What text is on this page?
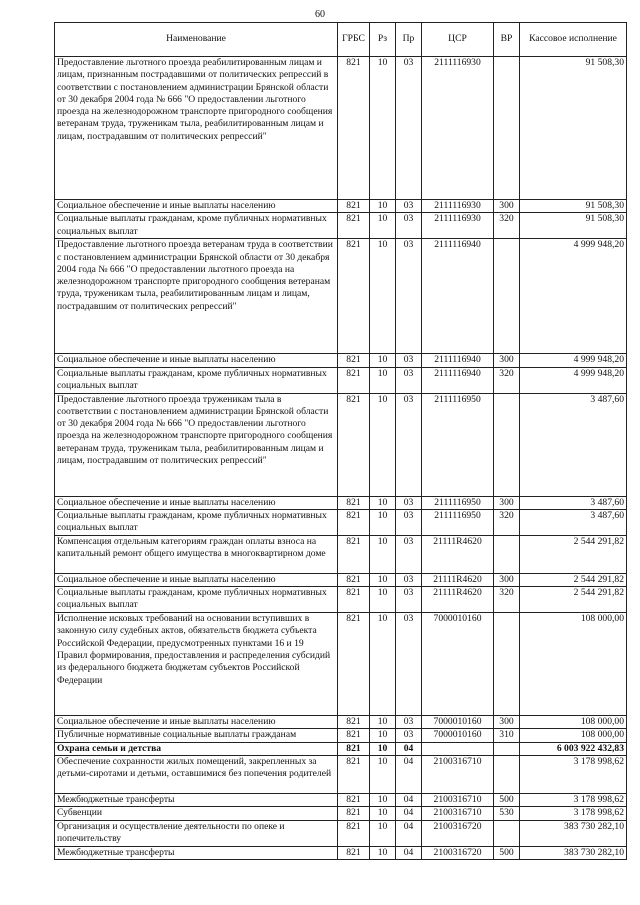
60
Наименование	ГРБС	Рз	Пр	ЦСР	ВР	Кассовое исполнение
Предоставление льготного проезда реабилитированным лицам и лицам, признанным пострадавшими от политических репрессий в соответствии с постановлением администрации Брянской области от 30 декабря 2004 года № 666 "О предоставлении льготного проезда на железнодорожном транспорте пригородного сообщения ветеранам труда, труженикам тыла, реабилитированным лицам и лицам, пострадавшим от политических репрессий"	821	10	03	2111116930		91 508,30
Социальное обеспечение и иные выплаты населению	821	10	03	2111116930	300	91 508,30
Социальные выплаты гражданам, кроме публичных нормативных социальных выплат	821	10	03	2111116930	320	91 508,30
Предоставление льготного проезда ветеранам труда в соответствии с постановлением администрации Брянской области от 30 декабря 2004 года № 666 "О предоставлении льготного проезда на железнодорожном транспорте пригородного сообщения ветеранам труда, труженикам тыла, реабилитированным лицам и лицам, пострадавшим от политических репрессий"	821	10	03	2111116940		4 999 948,20
Социальное обеспечение и иные выплаты населению	821	10	03	2111116940	300	4 999 948,20
Социальные выплаты гражданам, кроме публичных нормативных социальных выплат	821	10	03	2111116940	320	4 999 948,20
Предоставление льготного проезда труженикам тыла в соответствии с постановлением администрации Брянской области от 30 декабря 2004 года № 666 "О предоставлении льготного проезда на железнодорожном транспорте пригородного сообщения ветеранам труда, труженикам тыла, реабилитированным лицам и лицам, пострадавшим от политических репрессий"	821	10	03	2111116950		3 487,60
Социальное обеспечение и иные выплаты населению	821	10	03	2111116950	300	3 487,60
Социальные выплаты гражданам, кроме публичных нормативных социальных выплат	821	10	03	2111116950	320	3 487,60
Компенсация отдельным категориям граждан оплаты взноса на капитальный ремонт общего имущества в многоквартирном доме	821	10	03	21111R4620		2 544 291,82
Социальное обеспечение и иные выплаты населению	821	10	03	21111R4620	300	2 544 291,82
Социальные выплаты гражданам, кроме публичных нормативных социальных выплат	821	10	03	21111R4620	320	2 544 291,82
Исполнение исковых требований на основании вступивших в законную силу судебных актов, обязательств бюджета субъекта Российской Федерации, предусмотренных пунктами 16 и 19 Правил формирования, предоставления и распределения субсидий из федерального бюджета бюджетам субъектов Российской Федерации	821	10	03	7000010160		108 000,00
Социальное обеспечение и иные выплаты населению	821	10	03	7000010160	300	108 000,00
Публичные нормативные социальные выплаты гражданам	821	10	03	7000010160	310	108 000,00
Охрана семьи и детства	821	10	04			6 003 922 432,83
Обеспечение сохранности жилых помещений, закрепленных за детьми-сиротами и детьми, оставшимися без попечения родителей	821	10	04	2100316710		3 178 998,62
Межбюджетные трансферты	821	10	04	2100316710	500	3 178 998,62
Субвенции	821	10	04	2100316710	530	3 178 998,62
Организация и осуществление деятельности по опеке и попечительству	821	10	04	2100316720		383 730 282,10
Межбюджетные трансферты	821	10	04	2100316720	500	383 730 282,10
